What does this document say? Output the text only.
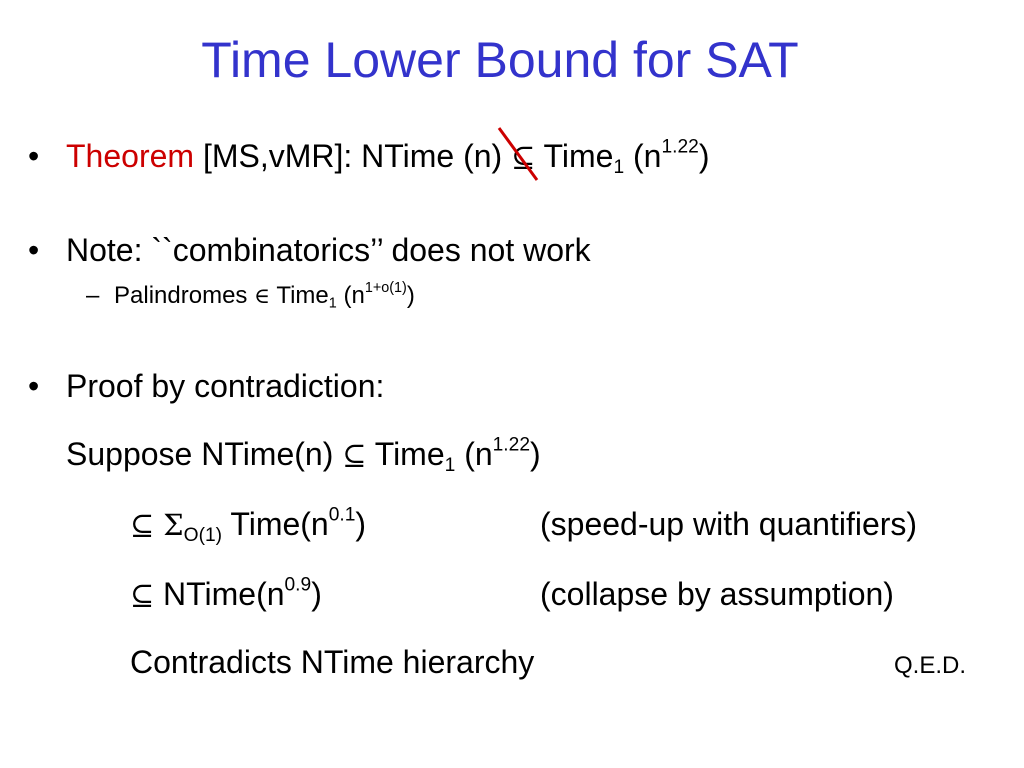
Time Lower Bound for SAT
• Theorem [MS,vMR]: NTime (n) ⊆
Time$_1$ $(n^{1.22})$
• Note: ``combinatorics’’ does not work
– Palindromes ∈ Time$_1$ $(n^{1+o(1)})$
• Proof by contradiction:
Suppose NTime(n) ⊆ Time$_1$ $(n^{1.22})$
⊆ $\Sigma_{O(1)}$ $Time(n^{0.1})$	(speed-up with quantifiers)
⊆ $NTime(n^{0.9})$	(collapse by assumption)
Contradicts NTime hierarchy	Q.E.D.
